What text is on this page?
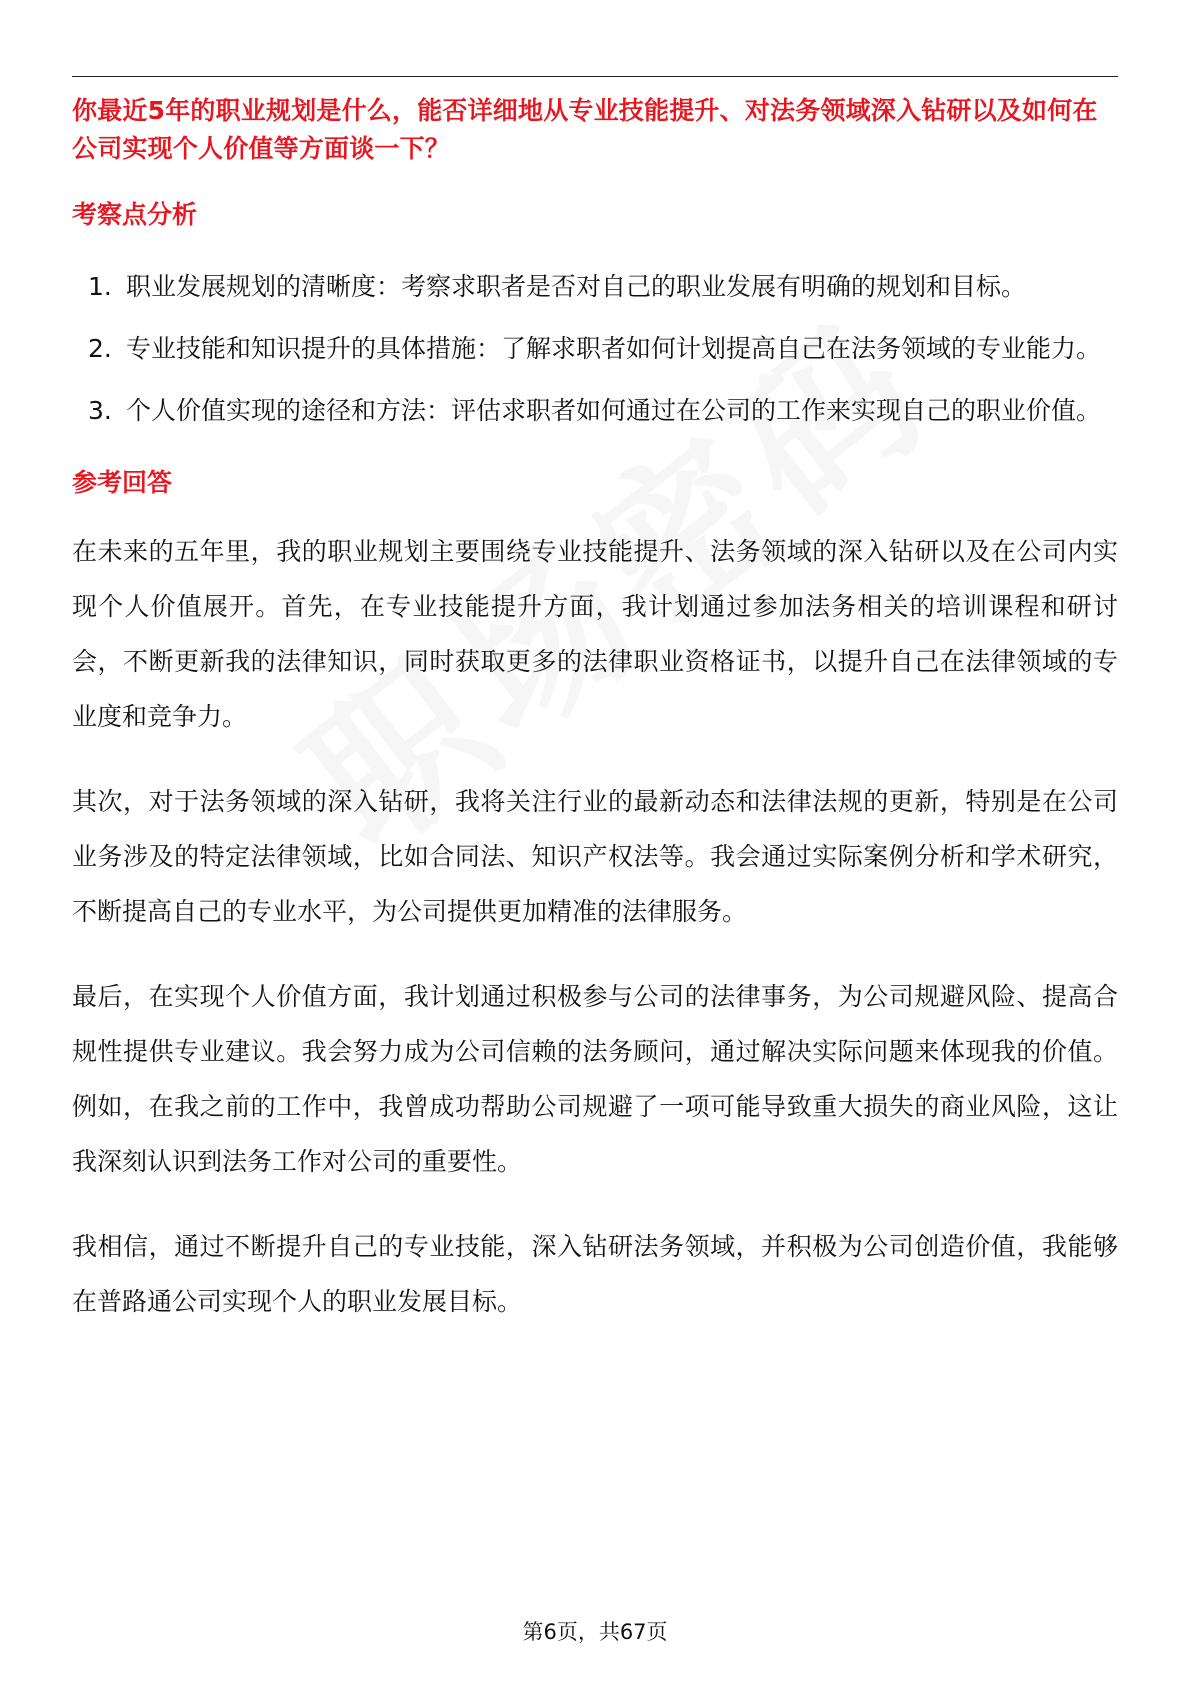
你最近5年的职业规划是什么，能否详细地从专业技能提升、对法务领域深入钻研以及如何在公司实现个人价值等方面谈一下？

考察点分析

1. 职业发展规划的清晰度：考察求职者是否对自己的职业发展有明确的规划和目标。
2. 专业技能和知识提升的具体措施：了解求职者如何计划提高自己在法务领域的专业能力。
3. 个人价值实现的途径和方法：评估求职者如何通过在公司的工作来实现自己的职业价值。

参考回答

在未来的五年里，我的职业规划主要围绕专业技能提升、法务领域的深入钻研以及在公司内实现个人价值展开。首先，在专业技能提升方面，我计划通过参加法务相关的培训课程和研讨会，不断更新我的法律知识，同时获取更多的法律职业资格证书，以提升自己在法律领域的专业度和竞争力。

其次，对于法务领域的深入钻研，我将关注行业的最新动态和法律法规的更新，特别是在公司业务涉及的特定法律领域，比如合同法、知识产权法等。我会通过实际案例分析和学术研究，不断提高自己的专业水平，为公司提供更加精准的法律服务。

最后，在实现个人价值方面，我计划通过积极参与公司的法律事务，为公司规避风险、提高合规性提供专业建议。我会努力成为公司信赖的法务顾问，通过解决实际问题来体现我的价值。例如，在我之前的工作中，我曾成功帮助公司规避了一项可能导致重大损失的商业风险，这让我深刻认识到法务工作对公司的重要性。

我相信，通过不断提升自己的专业技能，深入钻研法务领域，并积极为公司创造价值，我能够在普路通公司实现个人的职业发展目标。

第6页，共67页
